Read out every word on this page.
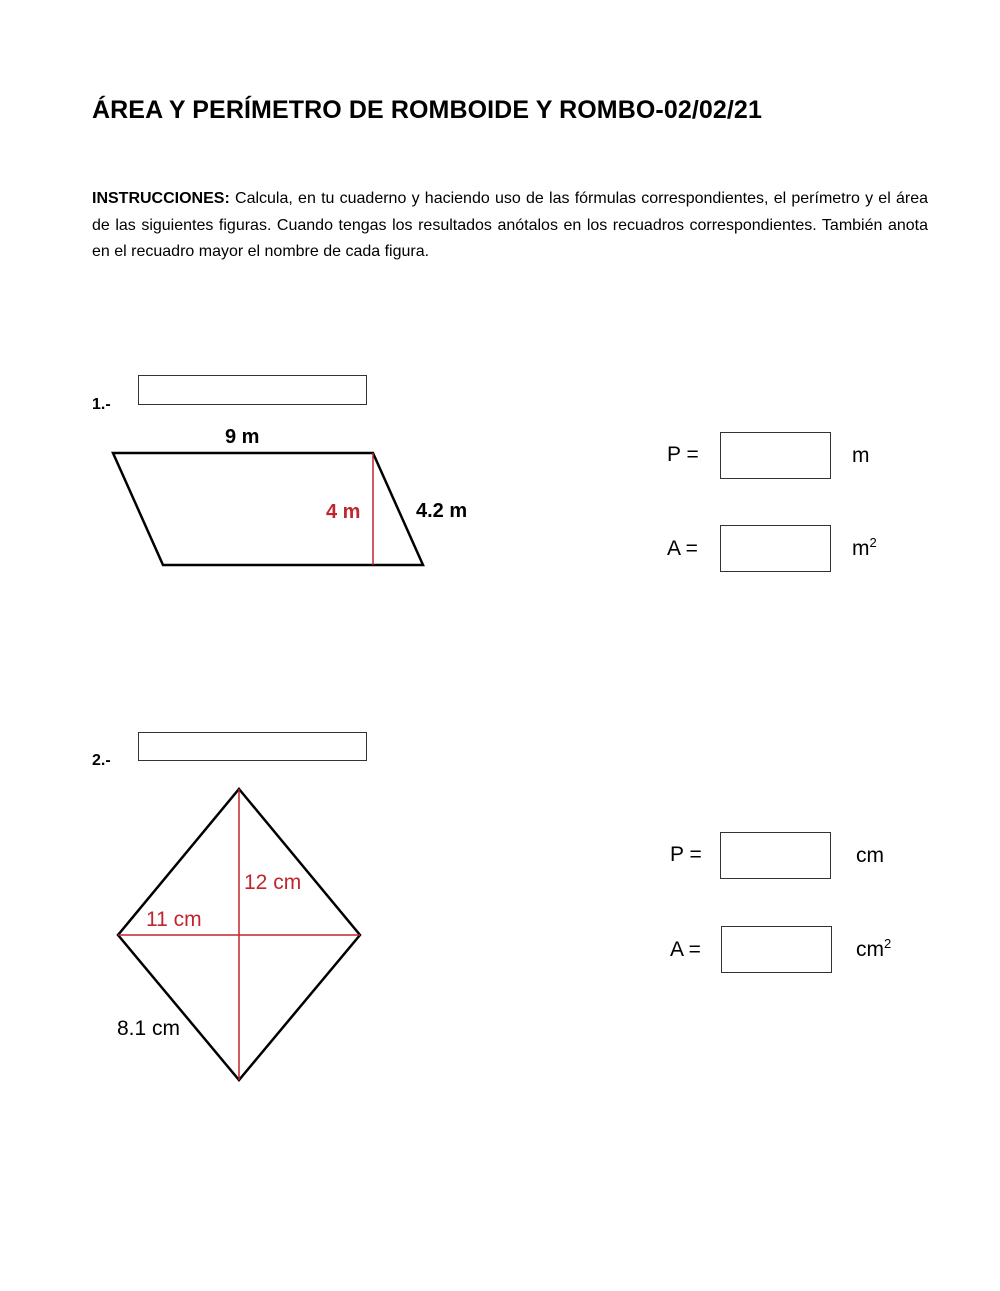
ÁREA Y PERÍMETRO DE ROMBOIDE Y ROMBO-02/02/21
INSTRUCCIONES: Calcula, en tu cuaderno y haciendo uso de las fórmulas correspondientes, el perímetro y el área de las siguientes figuras. Cuando tengas los resultados anótalos en los recuadros correspondientes. También anota en el recuadro mayor el nombre de cada figura.
1.-
9 m
4 m	4.2 m
P =	m
A =	$m^2$
2.-
12 cm
11 cm
8.1 cm
P =	cm
A =	$cm^2$
